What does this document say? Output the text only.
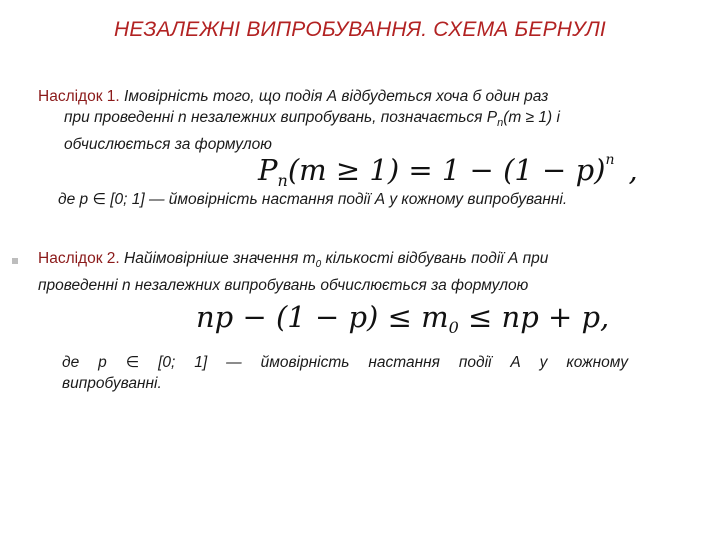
НЕЗАЛЕЖНІ ВИПРОБУВАННЯ. СХЕМА БЕРНУЛІ
Наслідок 1. Імовірність того, що подія А відбудеться хоча б один раз
при проведенні n незалежних випробувань, позначається $P_n(m \ge 1)$ і
обчислюється за формулою
$P_n(m \ge 1) = 1 - (1 - p)^n$ ,
де p ∈ [0; 1] — ймовірність настання події А у кожному випробуванні.
Наслідок 2. Найімовірніше значення $m_0$ кількості відбувань події А при
проведенні n незалежних випробувань обчислюється за формулою
np − $(1 - p) \le m_0$ ≤ np + p,
де p ∈ [0; 1] — ймовірність настання події А у кожному
випробуванні.
